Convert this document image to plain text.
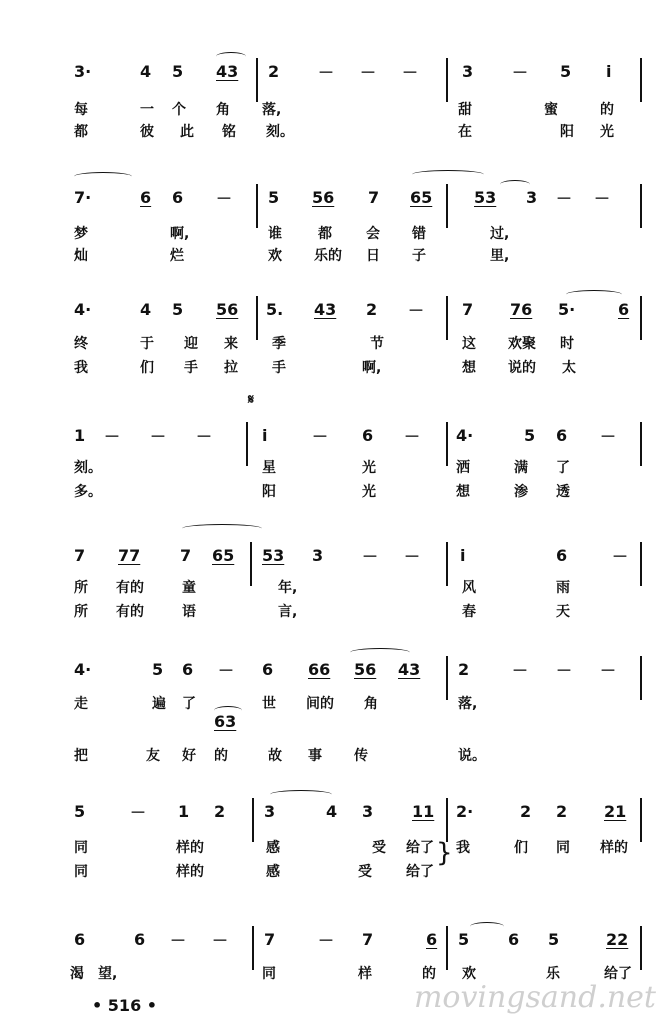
3·	4 5 43 2 － － －	3 － 5 i
每	一 个 角 落,	甜	蜜	的
都	彼 此 铭 刻。	在	阳 光
7·	6 6 － 5 56 7 65	53 3 － －
梦	啊,	谁	都 会 错	过,
灿	烂	欢 乐的 日 子	里,
4·	4 5 56 5. 43 2 － 7 76 5·	6
终	于 迎 来 季	节	这 欢聚 时
我	们 手 拉 手	啊,	想 说的 太
𝄋
1 － － －	i	－ 6 － 4·	5 6 －
刻。	星	光	洒	满 了
多。	阳	光	想	渗 透
7 77 7 65 53 3 － － i	6	－
所 有的	童	年,	风	雨
所 有的	语	言,	春	天
4·	5 6 － 6 66 56 43 2	－ － －
走	遍 了	世 间的 角	落,
63
把	友 好 的	故 事 传	说。
5	－ 1 2 3	4 3 11 2·	2 2 21
同	样的	感	受 给了 我	们 同 样的
同	样的	感	受 给了
}
6	6 － － 7	－ 7	6 5 6 5	22
渴 望,	同	样	的 欢	乐	给了
• 516 •	movingsand.net
